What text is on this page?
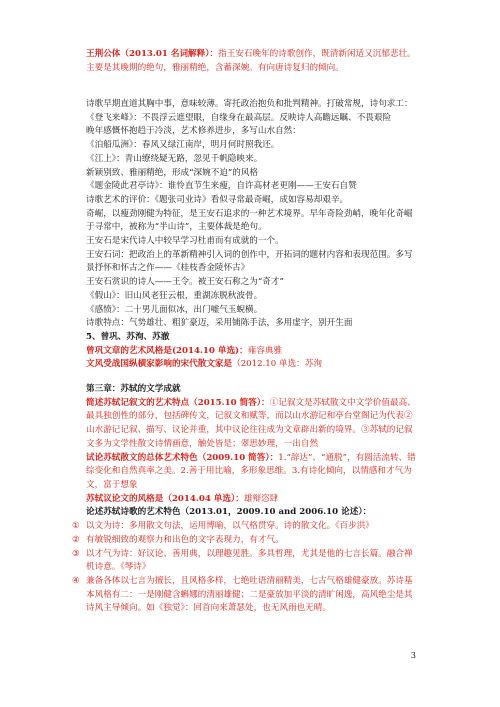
王荆公体（2013.01 名词解释）：指王安石晚年的诗歌创作，既清新闲适又沉郁悲壮。主要是其晚期的绝句，雅丽精绝，含蓄深婉。有向唐诗复归的倾向。

诗歌早期直道其胸中事，意味较薄。寄托政治抱负和批判精神。打破常规，诗句求工：

《登飞来峰》：不畏浮云遮望眼，自缘身在最高层。反映诗人高瞻远瞩、不畏艰险

晚年感慨怀抱趋于冷淡，艺术修养进步，多写山水自然：

《泊船瓜洲》：春风又绿江南岸，明月何时照我还。

《江上》：青山缭绕疑无路，忽见千帆隐映来。

新颖别致、雅丽精绝，形成“深婉不迫”的风格

《题金陵此君亭诗》：谁怜直节生来瘦，自许高材老更刚——王安石自赞

诗歌艺术的评价：《题张司业诗》看似寻常最奇崛，成如容易却艰辛。

奇崛，以瘦劲刚健为特征，是王安石追求的一种艺术境界。早年奇险劲峭，晚年化奇崛于寻常中，被称为“半山诗”，主要体裁是绝句。

王安石是宋代诗人中较早学习杜甫而有成就的一个。

王安石词：把政治上的革新精神引入词的创作中，开拓词的题材内容和表现范围。多写景抒怀和怀古之作——《桂枝香金陵怀古》

王安石赏识的诗人——王令。被王安石称之为“奇才”

《假山》：旧山风老狂云根，重湖冻脱秋波骨。

《感愤》：二十男儿面似冰，出门嘘气玉蜺横。

诗歌特点：气势雄壮、粗犷豪迈，采用铺陈手法，多用虚字，别开生面

5、曾巩、苏洵、苏澈

曾巩文章的艺术风格是(2014.10 单选)：雍容典雅

文风受战国纵横家影响的宋代散文家是（2012.10 单选：苏洵

第三章：苏轼的文学成就

简述苏轼记叙文的艺术特点（2015.10 简答）：①记叙文是苏轼散文中文学价值最高、最具独创性的部分，包括碑传文，记叙文和赋等，而以山水游记和亭台堂阁记为代表②山水游记记叙、描写、议论并重，其中议论往往成为文章辟出新的境界。③苏轼的记叙文多为文学性散文诗情画意，触处皆是；翠思妙理，一出自然

试论苏轼散文的总体艺术特色（2009.10 简答）：1.“辞达”、“通脱”，有圆活流转、错综变化和自然真率之美。2.善于用比喻，多形象思维。3.有诗化倾向，以情感和才气为文，富于想象

苏轼议论文的风格是（2014.04 单选）：雄辩恣肆

论述苏轼诗歌的艺术特色（2013.01，2009.10 and 2006.10 论述）：

① 以文为诗：多用散文句法，运用博喻，以气格贯穿。诗的散文化。《百步洪》
② 有敏锐细致的观察力和出色的文字表现力，有才气。
③ 以才气为诗：好议论、善用典，以理趣见胜。多具哲理，尤其是他的七言长篇。融合禅机诗意。《琴诗》
④ 兼备各体以七言为擅长，且风格多样，七绝吐语清丽精美，七古气格雄健豪放。苏诗基本风格有二：一是刚健含蝌娜的清丽雄健；二是豪放加平淡的清旷闲逸，高风绝尘是其诗风主导倾向。如《独觉》：回首向来萧瑟处，也无风雨也无晴。
3
